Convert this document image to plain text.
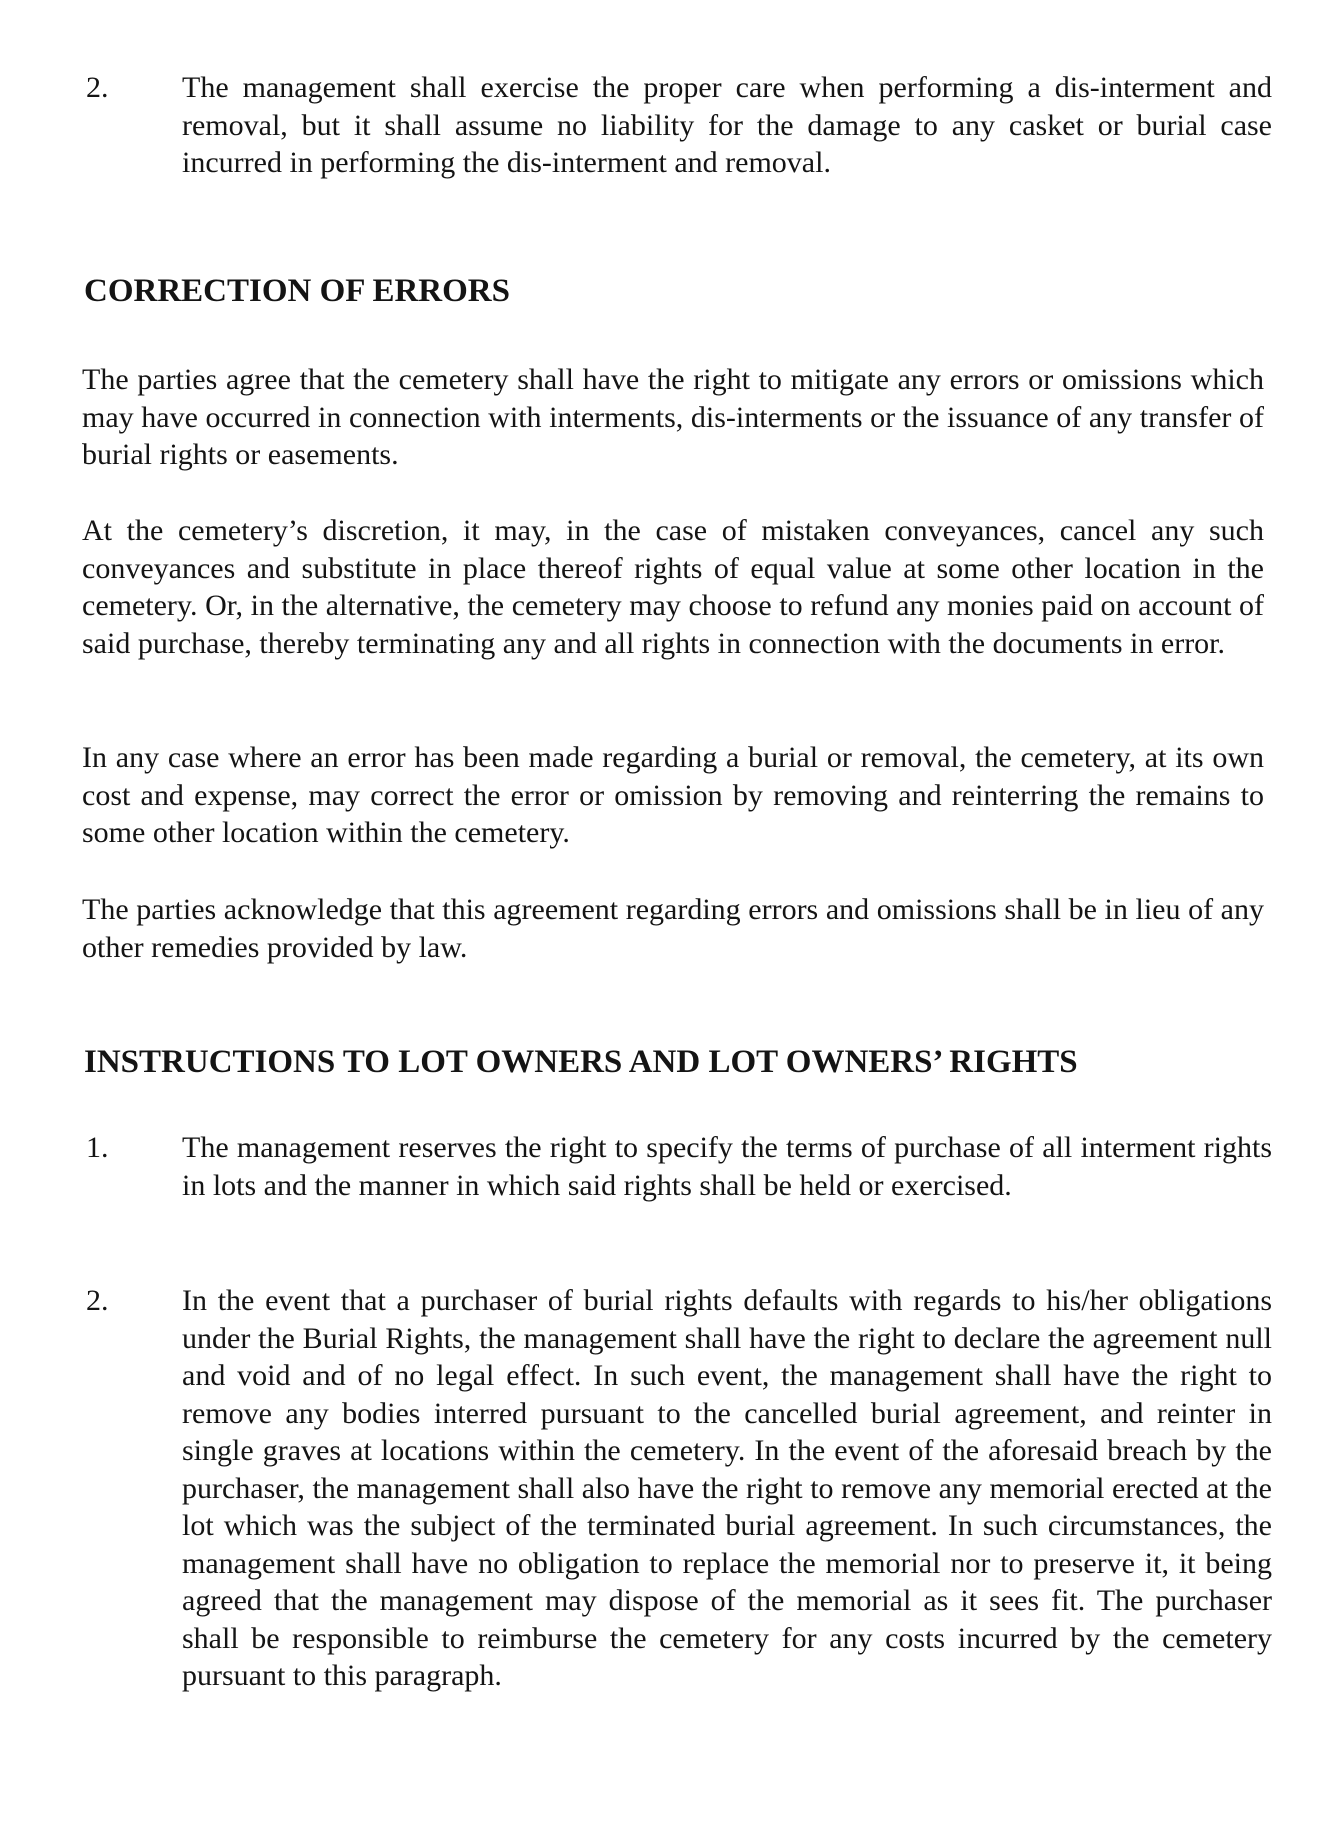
2. The management shall exercise the proper care when performing a dis-interment and removal, but it shall assume no liability for the damage to any casket or burial case incurred in performing the dis-interment and removal.
CORRECTION OF ERRORS

The parties agree that the cemetery shall have the right to mitigate any errors or omissions which may have occurred in connection with interments, dis-interments or the issuance of any transfer of burial rights or easements.

At the cemetery’s discretion, it may, in the case of mistaken conveyances, cancel any such conveyances and substitute in place thereof rights of equal value at some other location in the cemetery. Or, in the alternative, the cemetery may choose to refund any monies paid on account of said purchase, thereby terminating any and all rights in connection with the documents in error.

In any case where an error has been made regarding a burial or removal, the cemetery, at its own cost and expense, may correct the error or omission by removing and reinterring the remains to some other location within the cemetery.

The parties acknowledge that this agreement regarding errors and omissions shall be in lieu of any other remedies provided by law.

INSTRUCTIONS TO LOT OWNERS AND LOT OWNERS’ RIGHTS
1. The management reserves the right to specify the terms of purchase of all interment rights in lots and the manner in which said rights shall be held or exercised.
2. In the event that a purchaser of burial rights defaults with regards to his/her obligations under the Burial Rights, the management shall have the right to declare the agreement null and void and of no legal effect. In such event, the management shall have the right to remove any bodies interred pursuant to the cancelled burial agreement, and reinter in single graves at locations within the cemetery. In the event of the aforesaid breach by the purchaser, the management shall also have the right to remove any memorial erected at the lot which was the subject of the terminated burial agreement. In such circumstances, the management shall have no obligation to replace the memorial nor to preserve it, it being agreed that the management may dispose of the memorial as it sees fit. The purchaser shall be responsible to reimburse the cemetery for any costs incurred by the cemetery pursuant to this paragraph.
